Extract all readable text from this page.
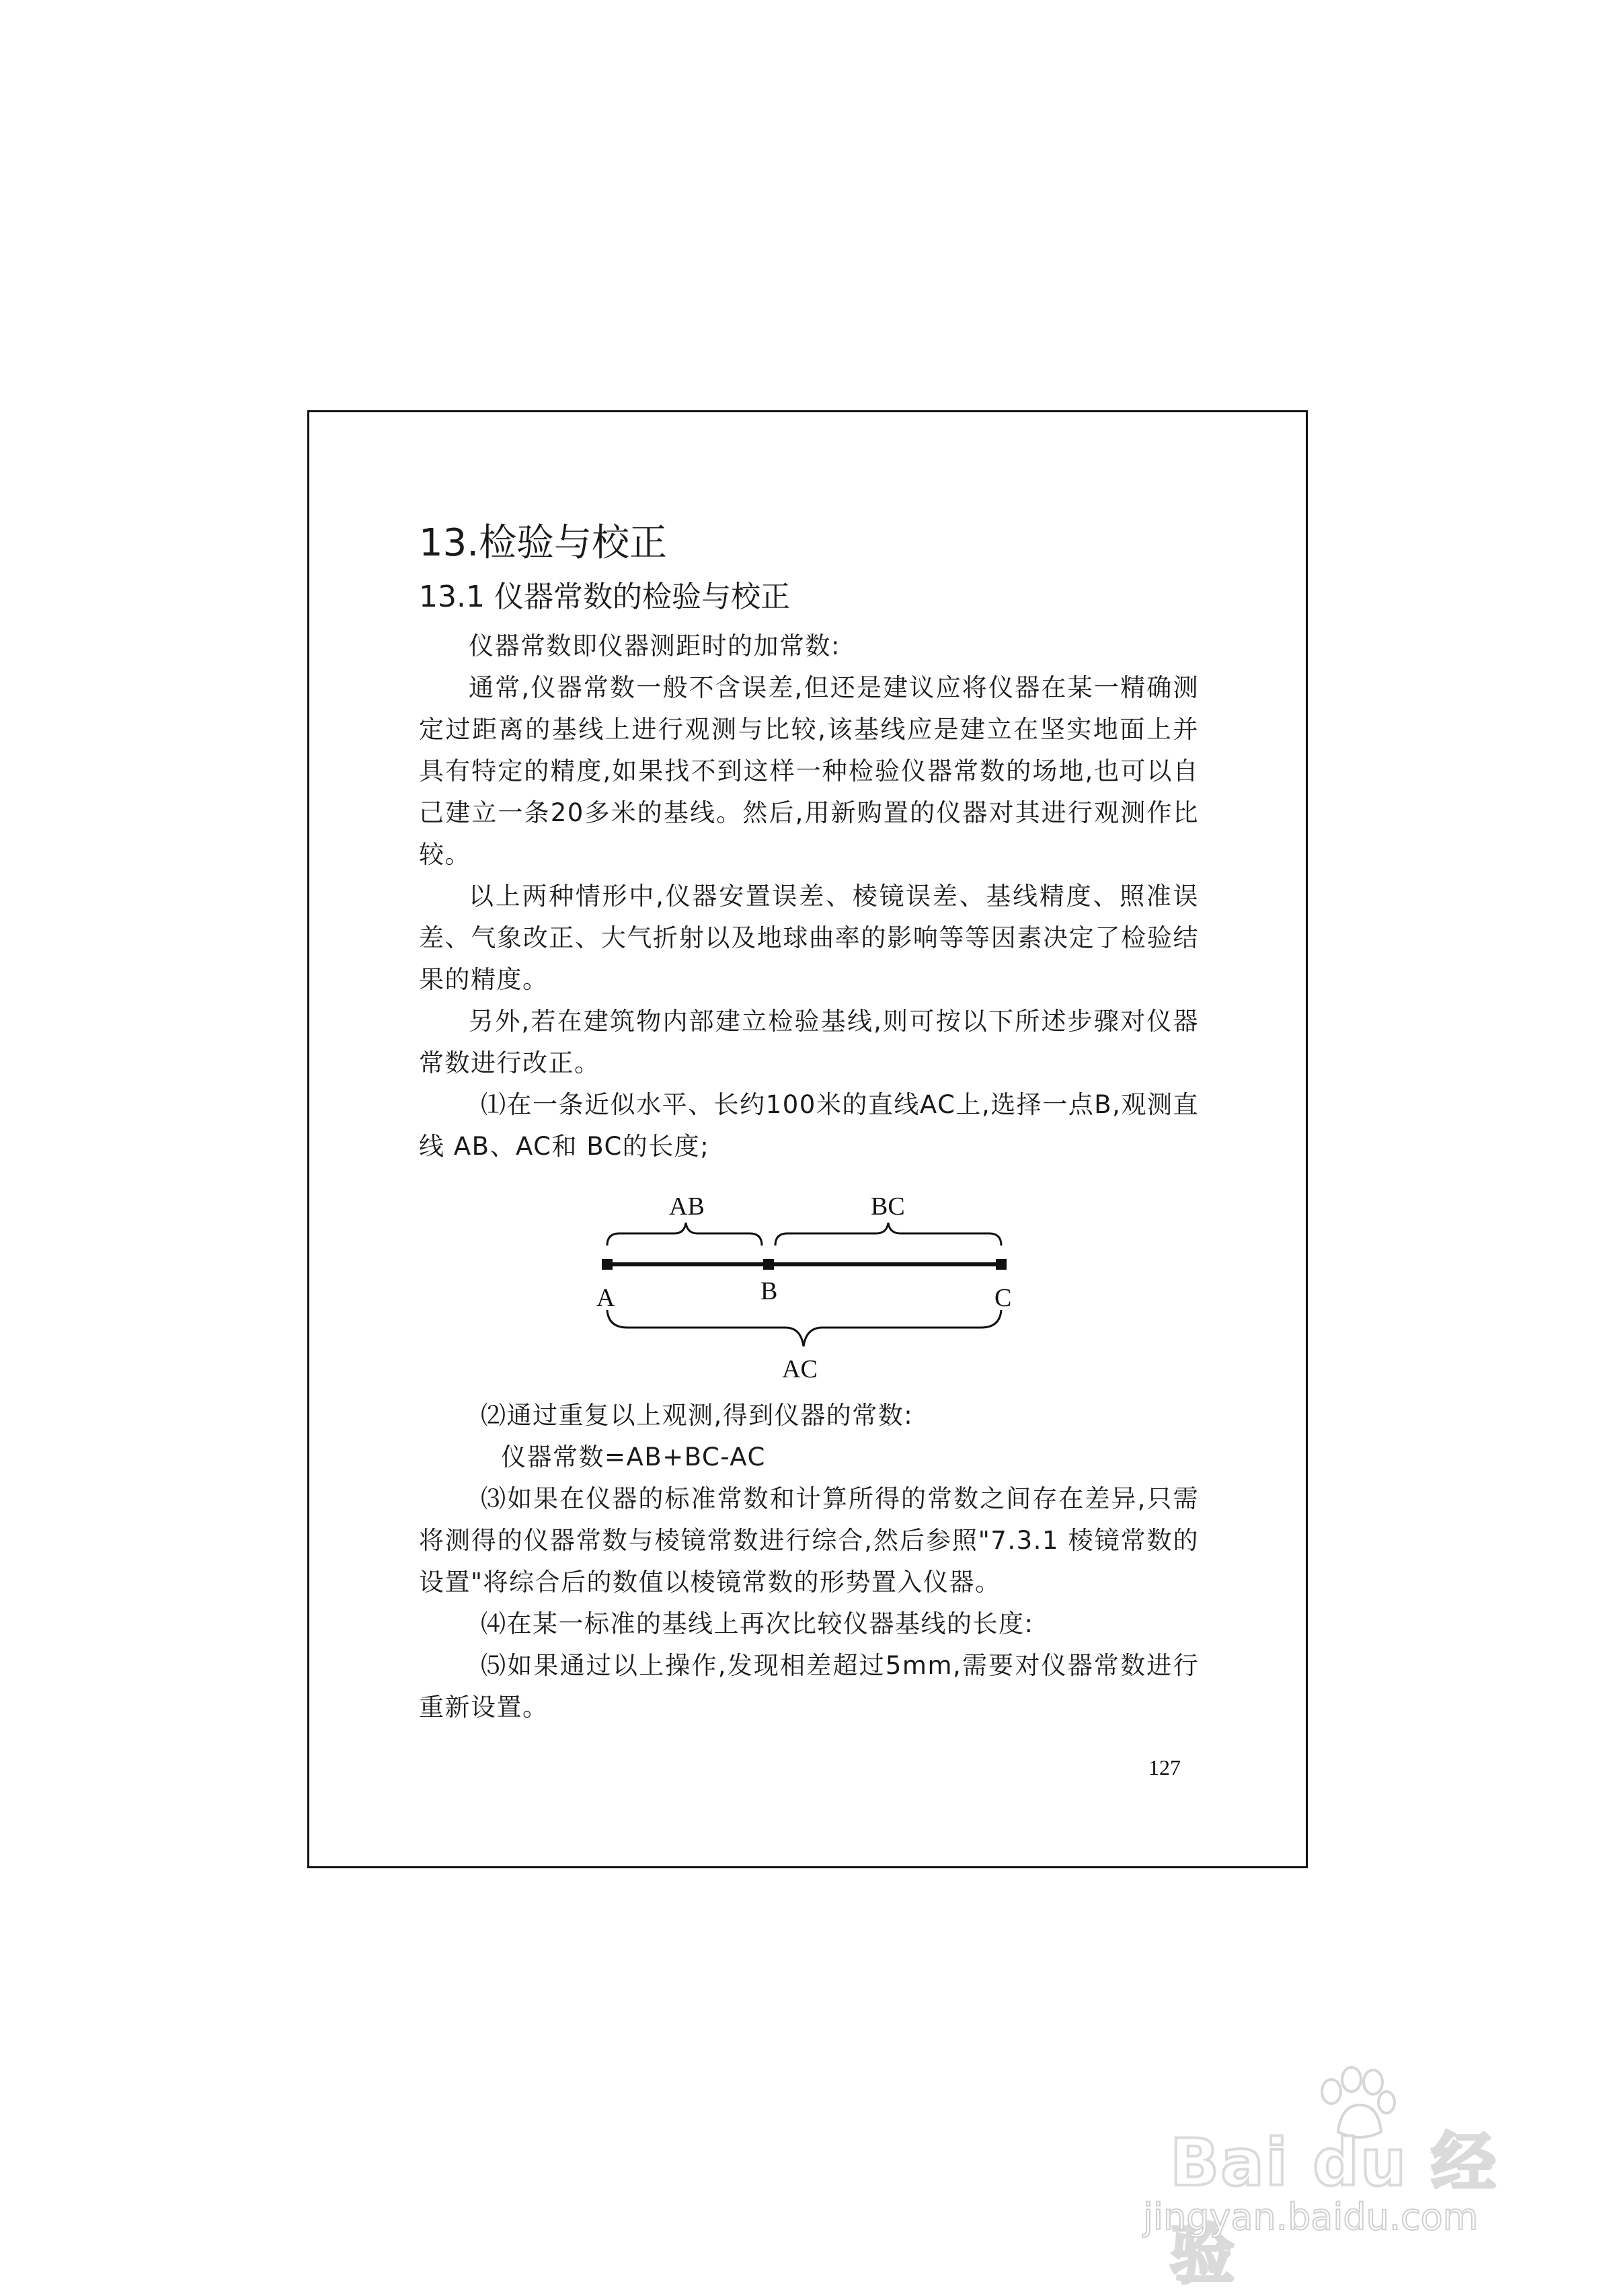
13.检验与校正
13.1 仪器常数的检验与校正

仪器常数即仪器测距时的加常数:

通常,仪器常数一般不含误差,但还是建议应将仪器在某一精确测定过距离的基线上进行观测与比较,该基线应是建立在坚实地面上并具有特定的精度,如果找不到这样一种检验仪器常数的场地,也可以自己建立一条20多米的基线。然后,用新购置的仪器对其进行观测作比较。

以上两种情形中,仪器安置误差、棱镜误差、基线精度、照准误差、气象改正、大气折射以及地球曲率的影响等等因素决定了检验结果的精度。

另外,若在建筑物内部建立检验基线,则可按以下所述步骤对仪器常数进行改正。

⑴在一条近似水平、长约100米的直线AC上,选择一点B,观测直线 AB、AC和 BC的长度;

AB	BC
A	B	C
AC

⑵通过重复以上观测,得到仪器的常数:

仪器常数=AB+BC-AC

⑶如果在仪器的标准常数和计算所得的常数之间存在差异,只需将测得的仪器常数与棱镜常数进行综合,然后参照"7.3.1 棱镜常数的设置"将综合后的数值以棱镜常数的形势置入仪器。

⑷在某一标准的基线上再次比较仪器基线的长度:

⑸如果通过以上操作,发现相差超过5mm,需要对仪器常数进行重新设置。

127
Bai du 经验
jingyan.baidu.com
